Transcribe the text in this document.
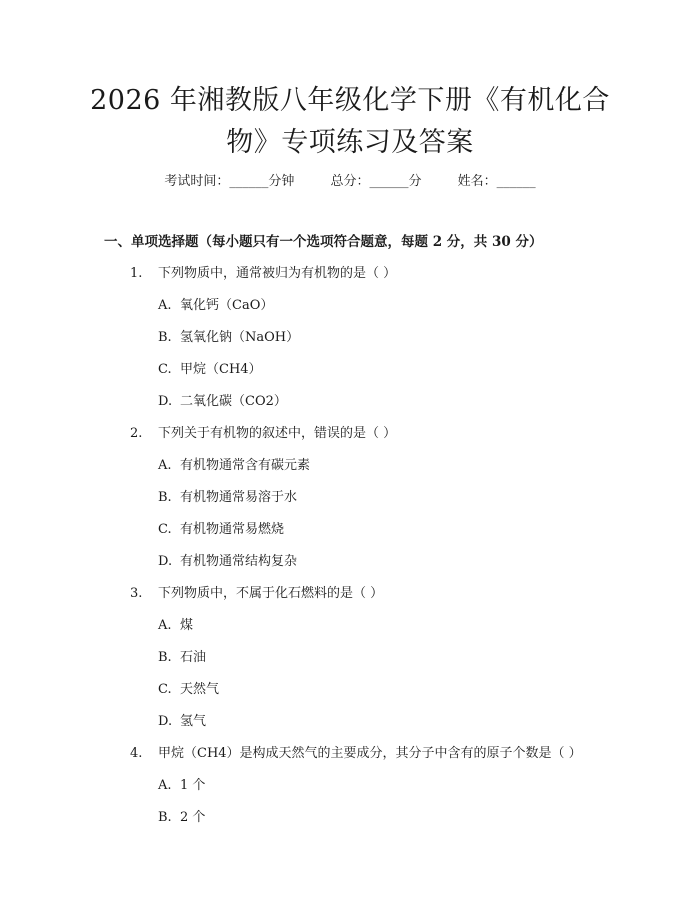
2026 年湘教版八年级化学下册《有机化合
物》专项练习及答案
考试时间：______分钟	总分：______分	姓名：______
一、单项选择题（每小题只有一个选项符合题意，每题 2 分，共 30 分）
1. 下列物质中，通常被归为有机物的是（ ）
A. 氧化钙（CaO）
B. 氢氧化钠（NaOH）
C. 甲烷（CH4）
D. 二氧化碳（CO2）
2. 下列关于有机物的叙述中，错误的是（ ）
A. 有机物通常含有碳元素
B. 有机物通常易溶于水
C. 有机物通常易燃烧
D. 有机物通常结构复杂
3. 下列物质中，不属于化石燃料的是（ ）
A. 煤
B. 石油
C. 天然气
D. 氢气
4. 甲烷（CH4）是构成天然气的主要成分，其分子中含有的原子个数是（ ）
A. 1 个
B. 2 个
